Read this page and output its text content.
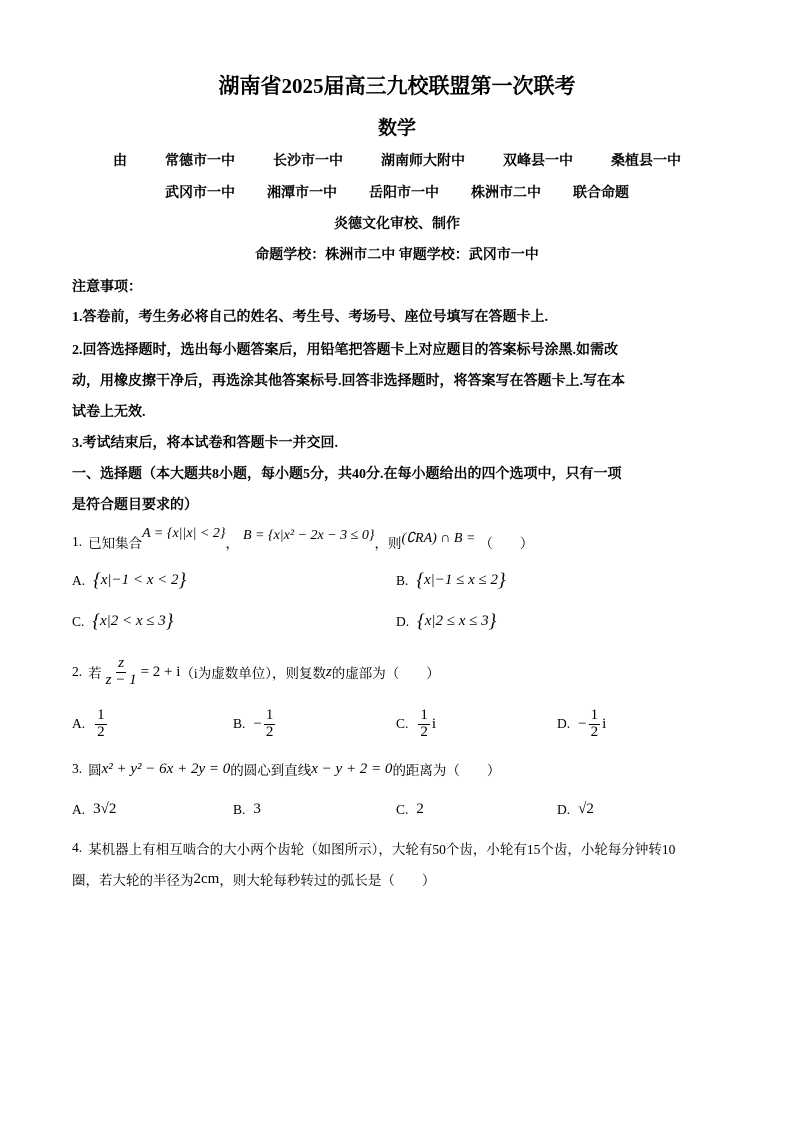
湖南省2025届高三九校联盟第一次联考
数学
由	常德市一中	长沙市一中	湖南师大附中	双峰县一中	桑植县一中
武冈市一中 湘潭市一中 岳阳市一中 株洲市二中 联合命题
炎德文化审校、制作
命题学校：株洲市二中 审题学校：武冈市一中
注意事项：
1.答卷前，考生务必将自己的姓名、考生号、考场号、座位号填写在答题卡上.
2.回答选择题时，选出每小题答案后，用铅笔把答题卡上对应题目的答案标号涂黑.如需改
动，用橡皮擦干净后，再选涂其他答案标号.回答非选择题时，将答案写在答题卡上.写在本
试卷上无效.
3.考试结束后，将本试卷和答题卡一并交回.
一、选择题（本大题共8小题，每小题5分，共40分.在每小题给出的四个选项中，只有一项
是符合题目要求的）
1. 已知集合
A = {x||x| < 2}
，
B = {x|x² − 2x − 3 ≤ 0}
，则 (∁RA) ∩ B = （　　）
A. {x|−1 < x < 2}	B. {x|−1 ≤ x ≤ 2}
C. {x|2 < x ≤ 3}	D. {x|2 ≤ x ≤ 3}
2. 若 $\frac{z}{z - 1} = 2 + i$ （i为虚数单位），则复数 z 的虚部为（　　）
A. $\frac{1}{2}$	B. − $\frac{1}{2}$	C. $\frac{1}{2}$ i	D. − $\frac{1}{2}$ i
3. 圆 x² + y² − 6x + 2y = 0 的圆心到直线 x − y + 2 = 0 的距离为（　　）
A. 3√2	B. 3	C. 2	D. √2
4. 某机器上有相互啮合的大小两个齿轮（如图所示），大轮有50个齿，小轮有15个齿，小轮每分钟转10
圈，若大轮的半径为 2cm ，则大轮每秒转过的弧长是（　　）
